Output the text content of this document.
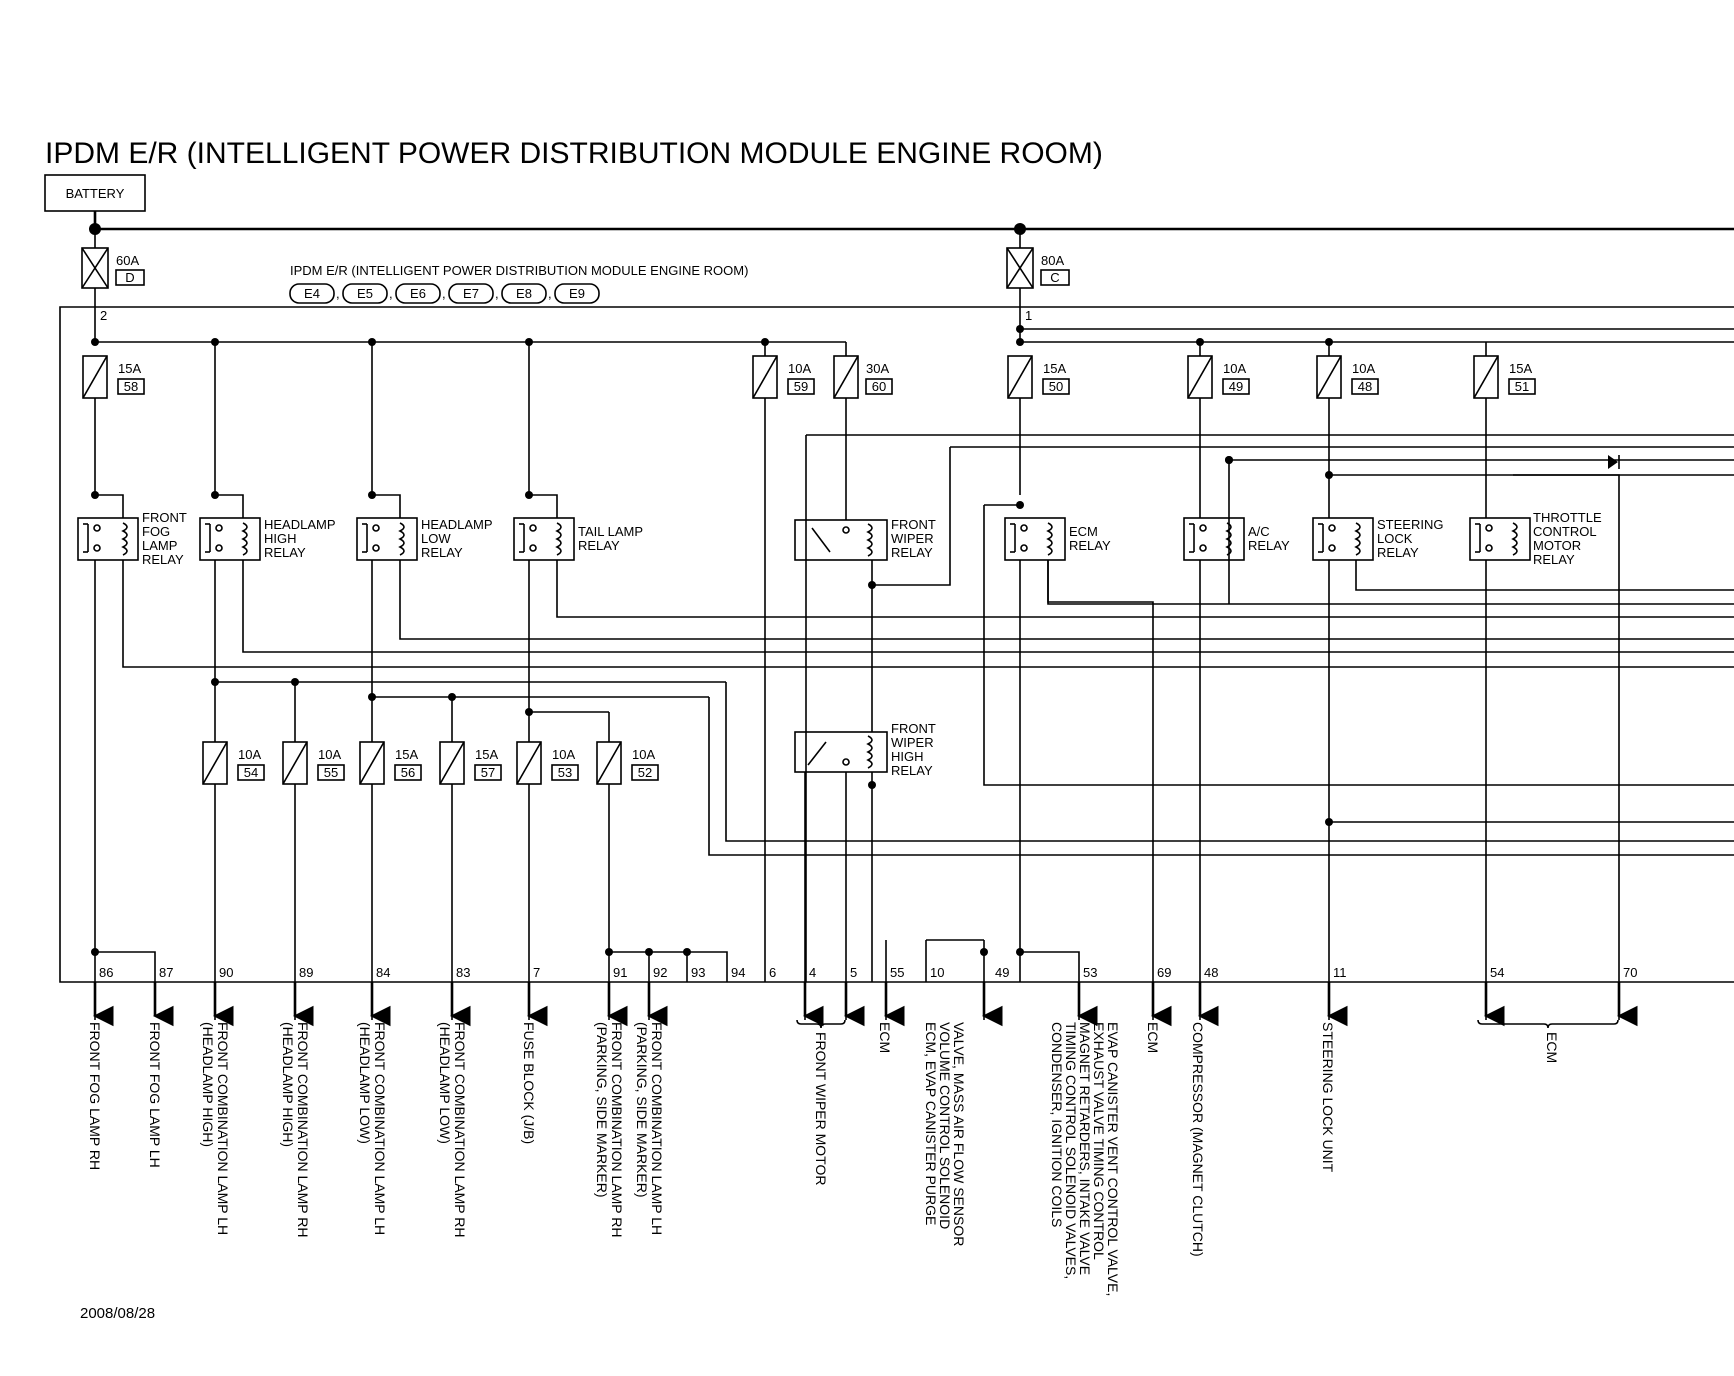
IPDM E/R (INTELLIGENT POWER DISTRIBUTION MODULE ENGINE ROOM)
BATTERY
60A
D
2
80A
C
1
IPDM E/R (INTELLIGENT POWER DISTRIBUTION MODULE ENGINE ROOM)
E4	E5	E6	E7	E8	E9
,	,	,	,	,
15A
58
10A
59
30A
60
15A
50
10A
49
10A
48
15A
51
FRONT
FOG
LAMP
RELAY
HEADLAMP
HIGH
RELAY
HEADLAMP
LOW
RELAY
TAIL LAMP
RELAY
FRONT
WIPER
RELAY
ECM
RELAY
A/C
RELAY
STEERING
LOCK
RELAY
THROTTLE
CONTROL
MOTOR
RELAY
FRONT
WIPER
HIGH
RELAY
10A
54
10A
55
15A
56
15A
57
10A
53
10A
52
86	87	90	89	84	83	7	91 92 93 94 6	4	5	55 10	49	53	69	48	11	54	70
FRONT FOG LAMP RH	FRONT FOG LAMP LH	FRONT COMBINATION LAMP LH
(HEADLAMP HIGH)	FRONT COMBINATION LAMP RH
(HEADLAMP HIGH)	FRONT COMBINATION LAMP LH
(HEADLAMP LOW)	FRONT COMBINATION LAMP RH
(HEADLAMP LOW)	FUSE BLOCK (J/B)	FRONT COMBINATION LAMP RH
(PARKING, SIDE MARKER)	FRONT COMBINATION LAMP LH
(PARKING, SIDE MARKER)	FRONT WIPER MOTOR	ECM ECM, EVAP CANISTER PURGE
VOLUME CONTROL SOLENOID
VALVE, MASS AIR FLOW SENSOR	EVAP CANISTER VENT CONTROL VALVE,
EXHAUST VALVE TIMING CONTROL
MAGNET RETARDERS, INTAKE VALVE
TIMING CONTROL SOLENOID VALVES,
CONDENSER, IGNITION COILS	ECM COMPRESSOR (MAGNET CLUTCH)	STEERING LOCK UNIT	ECM
2008/08/28
